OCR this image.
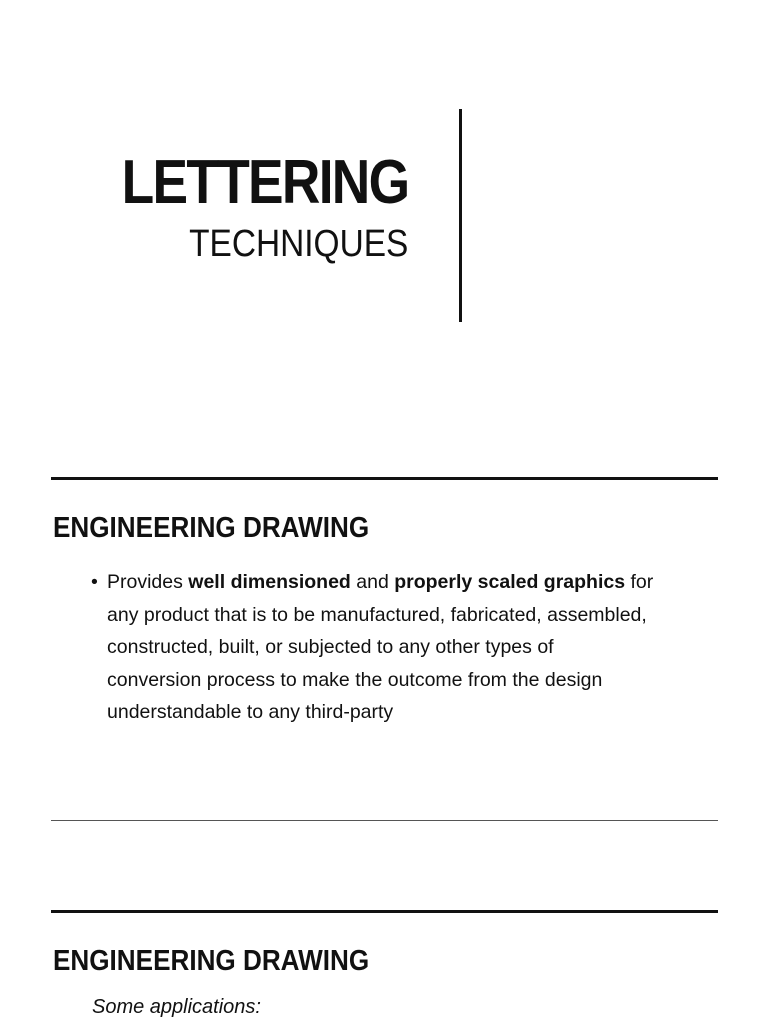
LETTERING
TECHNIQUES
ENGINEERING DRAWING
• Provides well dimensioned and properly scaled graphics for
any product that is to be manufactured, fabricated, assembled,
constructed, built, or subjected to any other types of
conversion process to make the outcome from the design
understandable to any third-party
ENGINEERING DRAWING
Some applications:
